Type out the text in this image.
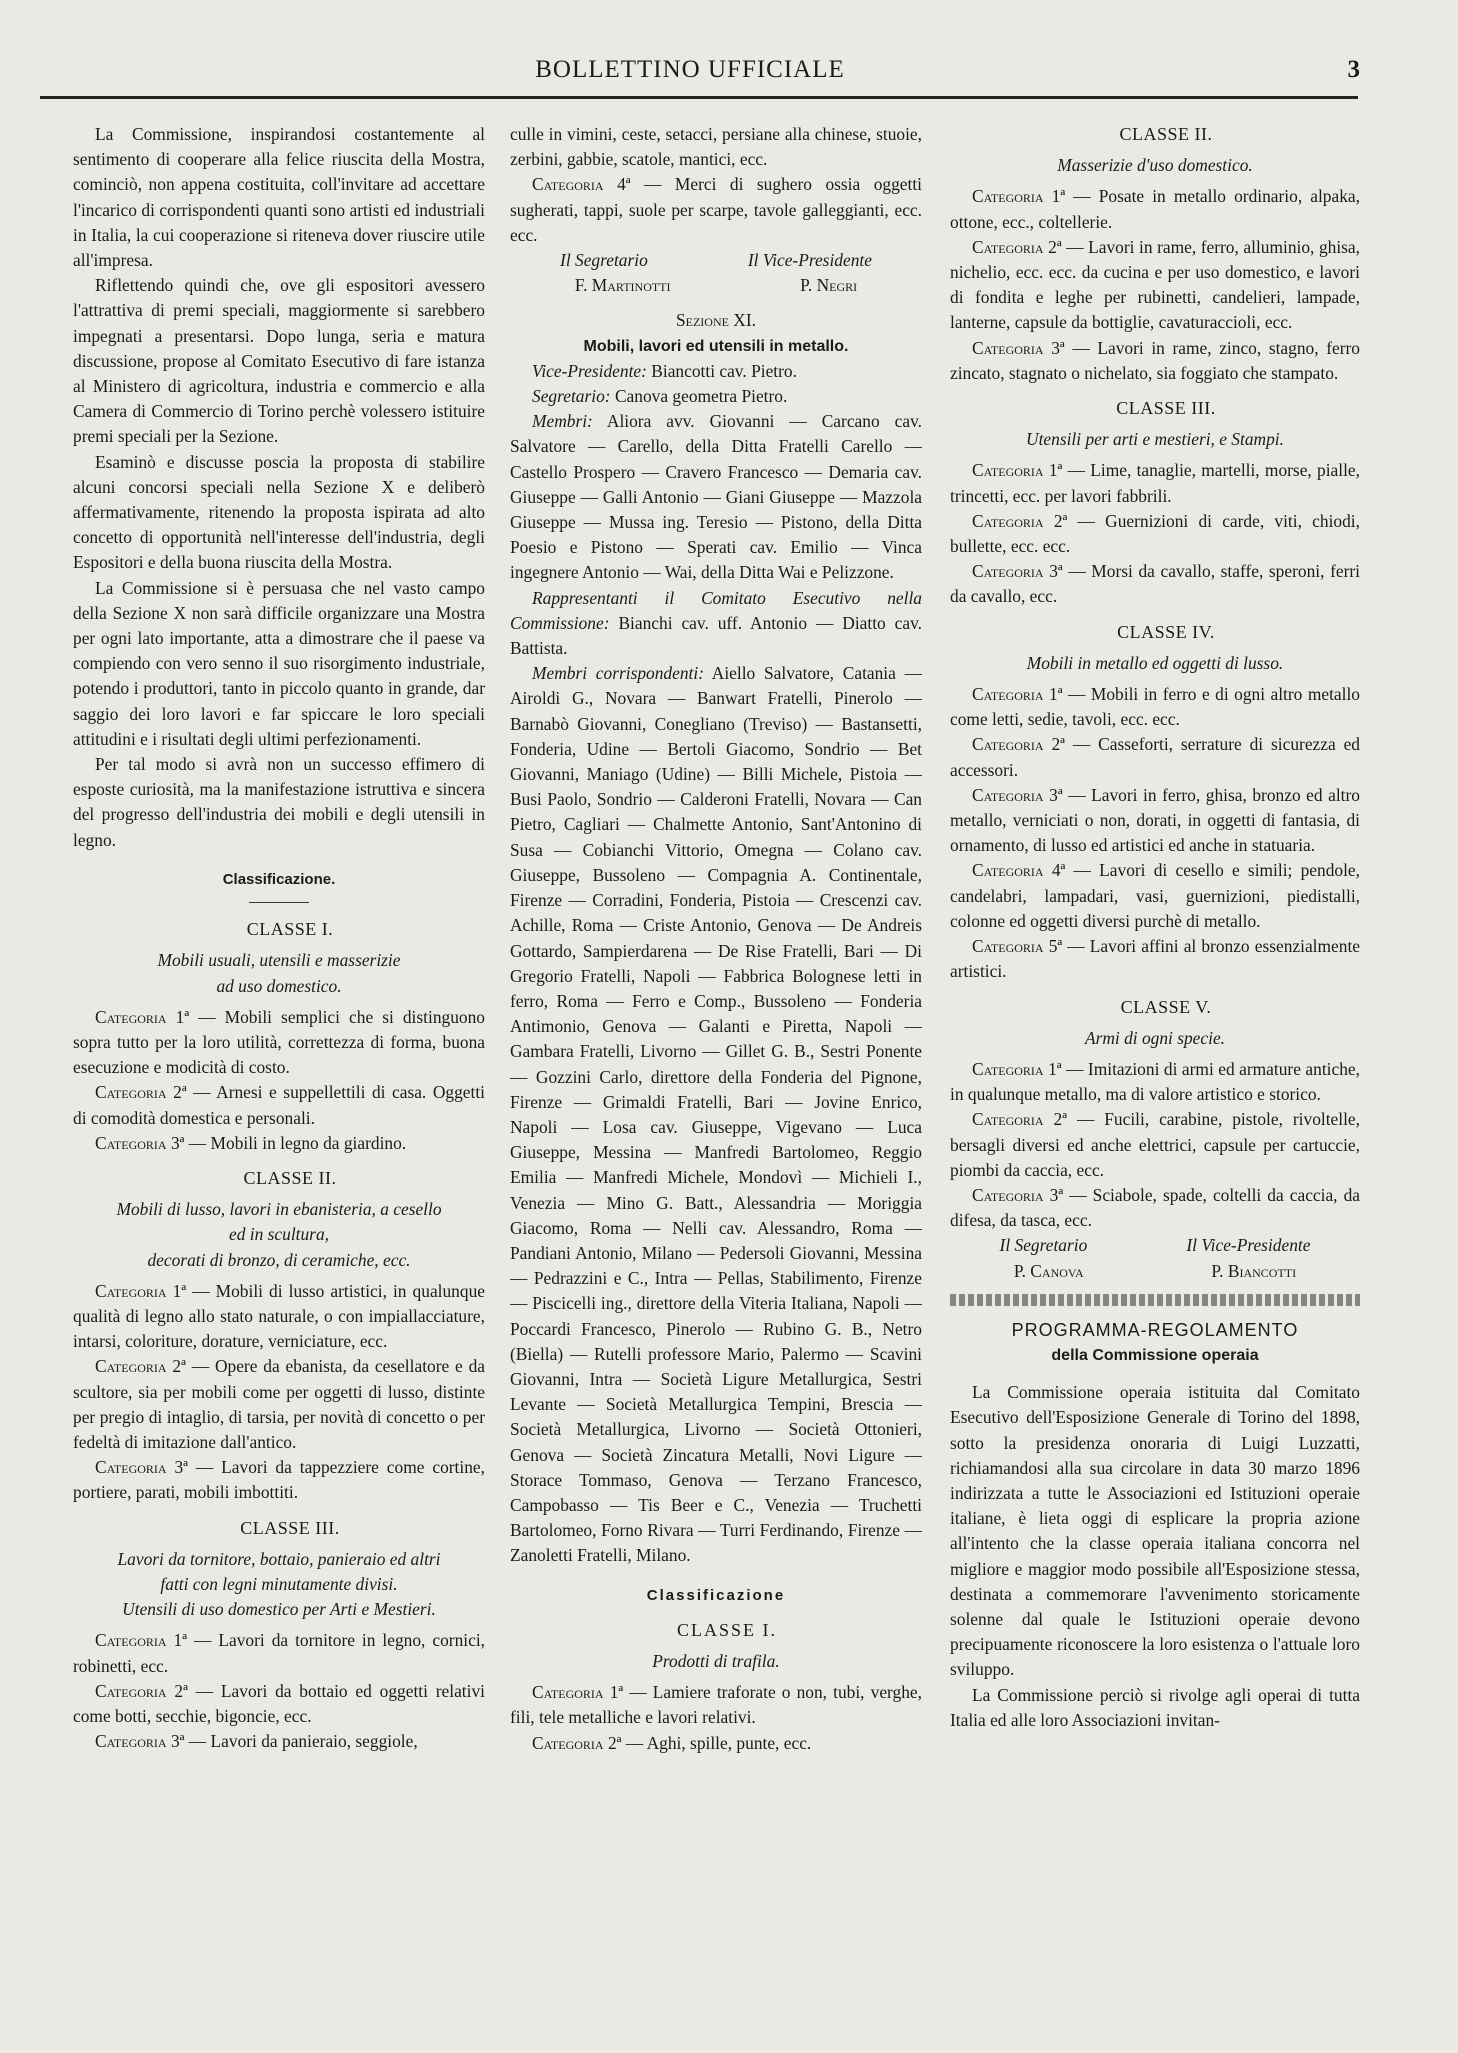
BOLLETTINO UFFICIALE	3

La Commissione, inspirandosi costantemente al sentimento di cooperare alla felice riuscita della Mostra, cominciò, non appena costituita, coll'invitare ad accettare l'incarico di corrispondenti quanti sono artisti ed industriali in Italia, la cui cooperazione si riteneva dover riuscire utile all'impresa.

Riflettendo quindi che, ove gli espositori avessero l'attrattiva di premi speciali, maggiormente si sarebbero impegnati a presentarsi. Dopo lunga, seria e matura discussione, propose al Comitato Esecutivo di fare istanza al Ministero di agricoltura, industria e commercio e alla Camera di Commercio di Torino perchè volessero istituire premi speciali per la Sezione.

Esaminò e discusse poscia la proposta di stabilire alcuni concorsi speciali nella Sezione X e deliberò affermativamente, ritenendo la proposta ispirata ad alto concetto di opportunità nell'interesse dell'industria, degli Espositori e della buona riuscita della Mostra.

La Commissione si è persuasa che nel vasto campo della Sezione X non sarà difficile organizzare una Mostra per ogni lato importante, atta a dimostrare che il paese va compiendo con vero senno il suo risorgimento industriale, potendo i produttori, tanto in piccolo quanto in grande, dar saggio dei loro lavori e far spiccare le loro speciali attitudini e i risultati degli ultimi perfezionamenti.

Per tal modo si avrà non un successo effimero di esposte curiosità, ma la manifestazione istruttiva e sincera del progresso dell'industria dei mobili e degli utensili in legno.

Classificazione.

CLASSE I.

Mobili usuali, utensili e masserizie

ad uso domestico.

Categoria 1ª — Mobili semplici che si distinguono sopra tutto per la loro utilità, correttezza di forma, buona esecuzione e modicità di costo.

Categoria 2ª — Arnesi e suppellettili di casa. Oggetti di comodità domestica e personali.

Categoria 3ª — Mobili in legno da giardino.

CLASSE II.

Mobili di lusso, lavori in ebanisteria, a cesello

ed in scultura,

decorati di bronzo, di ceramiche, ecc.

Categoria 1ª — Mobili di lusso artistici, in qualunque qualità di legno allo stato naturale, o con impiallacciature, intarsi, coloriture, dorature, verniciature, ecc.

Categoria 2ª — Opere da ebanista, da cesellatore e da scultore, sia per mobili come per oggetti di lusso, distinte per pregio di intaglio, di tarsia, per novità di concetto o per fedeltà di imitazione dall'antico.

Categoria 3ª — Lavori da tappezziere come cortine, portiere, parati, mobili imbottiti.

CLASSE III.

Lavori da tornitore, bottaio, panieraio ed altri

fatti con legni minutamente divisi.

Utensili di uso domestico per Arti e Mestieri.

Categoria 1ª — Lavori da tornitore in legno, cornici, robinetti, ecc.

Categoria 2ª — Lavori da bottaio ed oggetti relativi come botti, secchie, bigoncie, ecc.

Categoria 3ª — Lavori da panieraio, seggiole,

culle in vimini, ceste, setacci, persiane alla chinese, stuoie, zerbini, gabbie, scatole, mantici, ecc.

Categoria 4ª — Merci di sughero ossia oggetti sugherati, tappi, suole per scarpe, tavole galleggianti, ecc. ecc.

Il Segretario	Il Vice-Presidente
F. Martinotti	P. Negri

Sezione XI.

Mobili, lavori ed utensili in metallo.

Vice-Presidente: Biancotti cav. Pietro.

Segretario: Canova geometra Pietro.

Membri: Aliora avv. Giovanni — Carcano cav. Salvatore — Carello, della Ditta Fratelli Carello — Castello Prospero — Cravero Francesco — Demaria cav. Giuseppe — Galli Antonio — Giani Giuseppe — Mazzola Giuseppe — Mussa ing. Teresio — Pistono, della Ditta Poesio e Pistono — Sperati cav. Emilio — Vinca ingegnere Antonio — Wai, della Ditta Wai e Pelizzone.

Rappresentanti il Comitato Esecutivo nella Commissione: Bianchi cav. uff. Antonio — Diatto cav. Battista.

Membri corrispondenti: Aiello Salvatore, Catania — Airoldi G., Novara — Banwart Fratelli, Pinerolo — Barnabò Giovanni, Conegliano (Treviso) — Bastansetti, Fonderia, Udine — Bertoli Giacomo, Sondrio — Bet Giovanni, Maniago (Udine) — Billi Michele, Pistoia — Busi Paolo, Sondrio — Calderoni Fratelli, Novara — Can Pietro, Cagliari — Chalmette Antonio, Sant'Antonino di Susa — Cobianchi Vittorio, Omegna — Colano cav. Giuseppe, Bussoleno — Compagnia A. Continentale, Firenze — Corradini, Fonderia, Pistoia — Crescenzi cav. Achille, Roma — Criste Antonio, Genova — De Andreis Gottardo, Sampierdarena — De Rise Fratelli, Bari — Di Gregorio Fratelli, Napoli — Fabbrica Bolognese letti in ferro, Roma — Ferro e Comp., Bussoleno — Fonderia Antimonio, Genova — Galanti e Piretta, Napoli — Gambara Fratelli, Livorno — Gillet G. B., Sestri Ponente — Gozzini Carlo, direttore della Fonderia del Pignone, Firenze — Grimaldi Fratelli, Bari — Jovine Enrico, Napoli — Losa cav. Giuseppe, Vigevano — Luca Giuseppe, Messina — Manfredi Bartolomeo, Reggio Emilia — Manfredi Michele, Mondovì — Michieli I., Venezia — Mino G. Batt., Alessandria — Moriggia Giacomo, Roma — Nelli cav. Alessandro, Roma — Pandiani Antonio, Milano — Pedersoli Giovanni, Messina — Pedrazzini e C., Intra — Pellas, Stabilimento, Firenze — Piscicelli ing., direttore della Viteria Italiana, Napoli — Poccardi Francesco, Pinerolo — Rubino G. B., Netro (Biella) — Rutelli professore Mario, Palermo — Scavini Giovanni, Intra — Società Ligure Metallurgica, Sestri Levante — Società Metallurgica Tempini, Brescia — Società Metallurgica, Livorno — Società Ottonieri, Genova — Società Zincatura Metalli, Novi Ligure — Storace Tommaso, Genova — Terzano Francesco, Campobasso — Tis Beer e C., Venezia — Truchetti Bartolomeo, Forno Rivara — Turri Ferdinando, Firenze — Zanoletti Fratelli, Milano.

Classificazione

CLASSE I.

Prodotti di trafila.

Categoria 1ª — Lamiere traforate o non, tubi, verghe, fili, tele metalliche e lavori relativi.

Categoria 2ª — Aghi, spille, punte, ecc.

CLASSE II.

Masserizie d'uso domestico.

Categoria 1ª — Posate in metallo ordinario, alpaka, ottone, ecc., coltellerie.

Categoria 2ª — Lavori in rame, ferro, alluminio, ghisa, nichelio, ecc. ecc. da cucina e per uso domestico, e lavori di fondita e leghe per rubinetti, candelieri, lampade, lanterne, capsule da bottiglie, cavaturaccioli, ecc.

Categoria 3ª — Lavori in rame, zinco, stagno, ferro zincato, stagnato o nichelato, sia foggiato che stampato.

CLASSE III.

Utensili per arti e mestieri, e Stampi.

Categoria 1ª — Lime, tanaglie, martelli, morse, pialle, trincetti, ecc. per lavori fabbrili.

Categoria 2ª — Guernizioni di carde, viti, chiodi, bullette, ecc. ecc.

Categoria 3ª — Morsi da cavallo, staffe, speroni, ferri da cavallo, ecc.

CLASSE IV.

Mobili in metallo ed oggetti di lusso.

Categoria 1ª — Mobili in ferro e di ogni altro metallo come letti, sedie, tavoli, ecc. ecc.

Categoria 2ª — Casseforti, serrature di sicurezza ed accessori.

Categoria 3ª — Lavori in ferro, ghisa, bronzo ed altro metallo, verniciati o non, dorati, in oggetti di fantasia, di ornamento, di lusso ed artistici ed anche in statuaria.

Categoria 4ª — Lavori di cesello e simili; pendole, candelabri, lampadari, vasi, guernizioni, piedistalli, colonne ed oggetti diversi purchè di metallo.

Categoria 5ª — Lavori affini al bronzo essenzialmente artistici.

CLASSE V.

Armi di ogni specie.

Categoria 1ª — Imitazioni di armi ed armature antiche, in qualunque metallo, ma di valore artistico e storico.

Categoria 2ª — Fucili, carabine, pistole, rivoltelle, bersagli diversi ed anche elettrici, capsule per cartuccie, piombi da caccia, ecc.

Categoria 3ª — Sciabole, spade, coltelli da caccia, da difesa, da tasca, ecc.

Il Segretario	Il Vice-Presidente
P. Canova	P. Biancotti

PROGRAMMA-REGOLAMENTO

della Commissione operaia

La Commissione operaia istituita dal Comitato Esecutivo dell'Esposizione Generale di Torino del 1898, sotto la presidenza onoraria di Luigi Luzzatti, richiamandosi alla sua circolare in data 30 marzo 1896 indirizzata a tutte le Associazioni ed Istituzioni operaie italiane, è lieta oggi di esplicare la propria azione all'intento che la classe operaia italiana concorra nel migliore e maggior modo possibile all'Esposizione stessa, destinata a commemorare l'avvenimento storicamente solenne dal quale le Istituzioni operaie devono precipuamente riconoscere la loro esistenza o l'attuale loro sviluppo.

La Commissione perciò si rivolge agli operai di tutta Italia ed alle loro Associazioni invitan-
